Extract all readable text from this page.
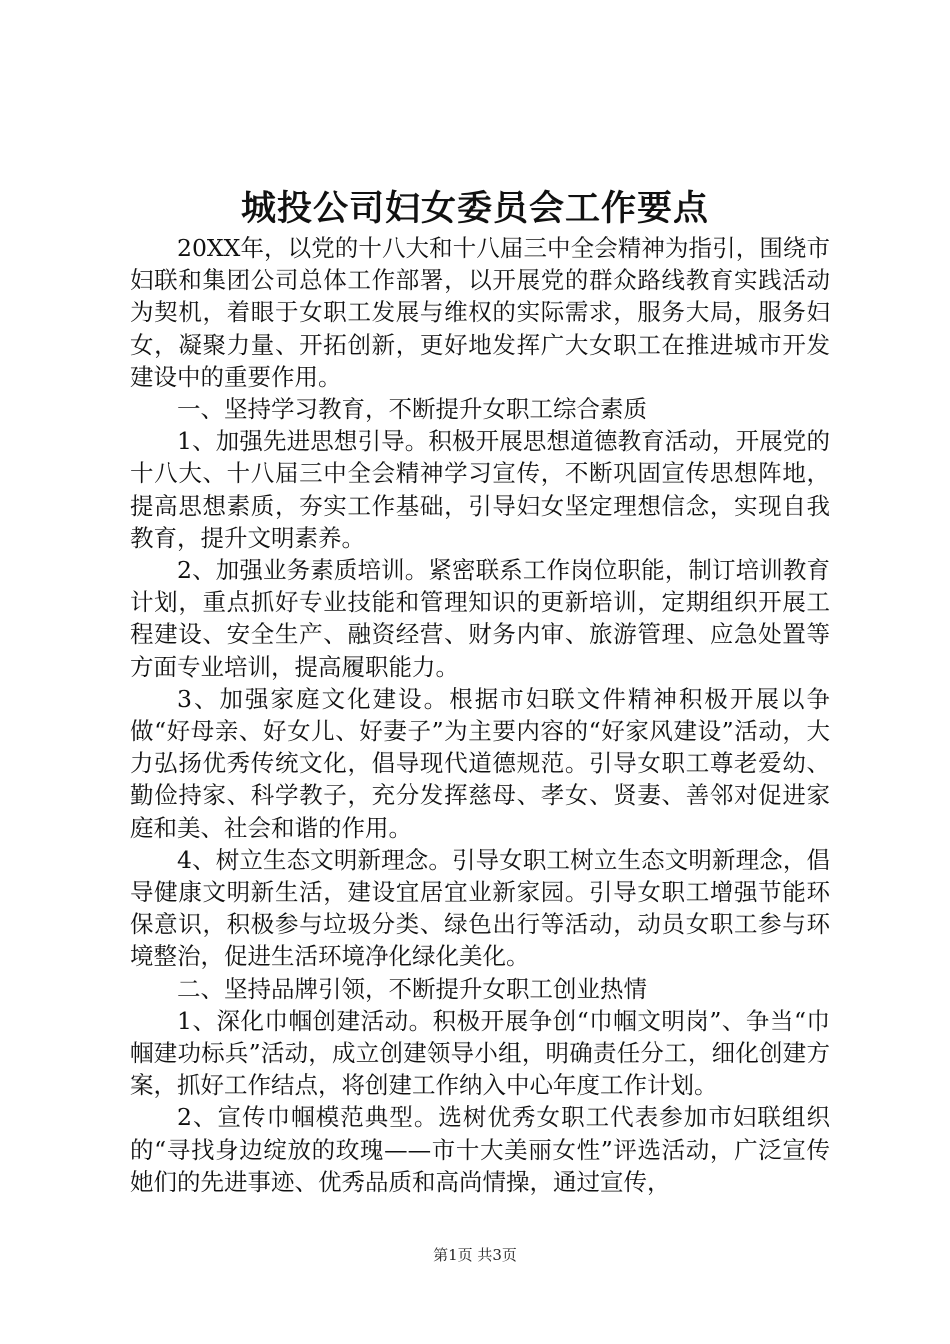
城投公司妇女委员会工作要点

20XX年，以党的十八大和十八届三中全会精神为指引，围绕市妇联和集团公司总体工作部署，以开展党的群众路线教育实践活动为契机，着眼于女职工发展与维权的实际需求，服务大局，服务妇女，凝聚力量、开拓创新，更好地发挥广大女职工在推进城市开发建设中的重要作用。

一、坚持学习教育，不断提升女职工综合素质

1、加强先进思想引导。积极开展思想道德教育活动，开展党的十八大、十八届三中全会精神学习宣传，不断巩固宣传思想阵地，提高思想素质，夯实工作基础，引导妇女坚定理想信念，实现自我教育，提升文明素养。

2、加强业务素质培训。紧密联系工作岗位职能，制订培训教育计划，重点抓好专业技能和管理知识的更新培训，定期组织开展工程建设、安全生产、融资经营、财务内审、旅游管理、应急处置等方面专业培训，提高履职能力。

3、加强家庭文化建设。根据市妇联文件精神积极开展以争做“好母亲、好女儿、好妻子”为主要内容的“好家风建设”活动，大力弘扬优秀传统文化，倡导现代道德规范。引导女职工尊老爱幼、勤俭持家、科学教子，充分发挥慈母、孝女、贤妻、善邻对促进家庭和美、社会和谐的作用。

4、树立生态文明新理念。引导女职工树立生态文明新理念，倡导健康文明新生活，建设宜居宜业新家园。引导女职工增强节能环保意识，积极参与垃圾分类、绿色出行等活动，动员女职工参与环境整治，促进生活环境净化绿化美化。

二、坚持品牌引领，不断提升女职工创业热情

1、深化巾帼创建活动。积极开展争创“巾帼文明岗”、争当“巾帼建功标兵”活动，成立创建领导小组，明确责任分工，细化创建方案，抓好工作结点，将创建工作纳入中心年度工作计划。

2、宣传巾帼模范典型。选树优秀女职工代表参加市妇联组织的“寻找身边绽放的玫瑰——市十大美丽女性”评选活动，广泛宣传她们的先进事迹、优秀品质和高尚情操，通过宣传，

第1页 共3页
